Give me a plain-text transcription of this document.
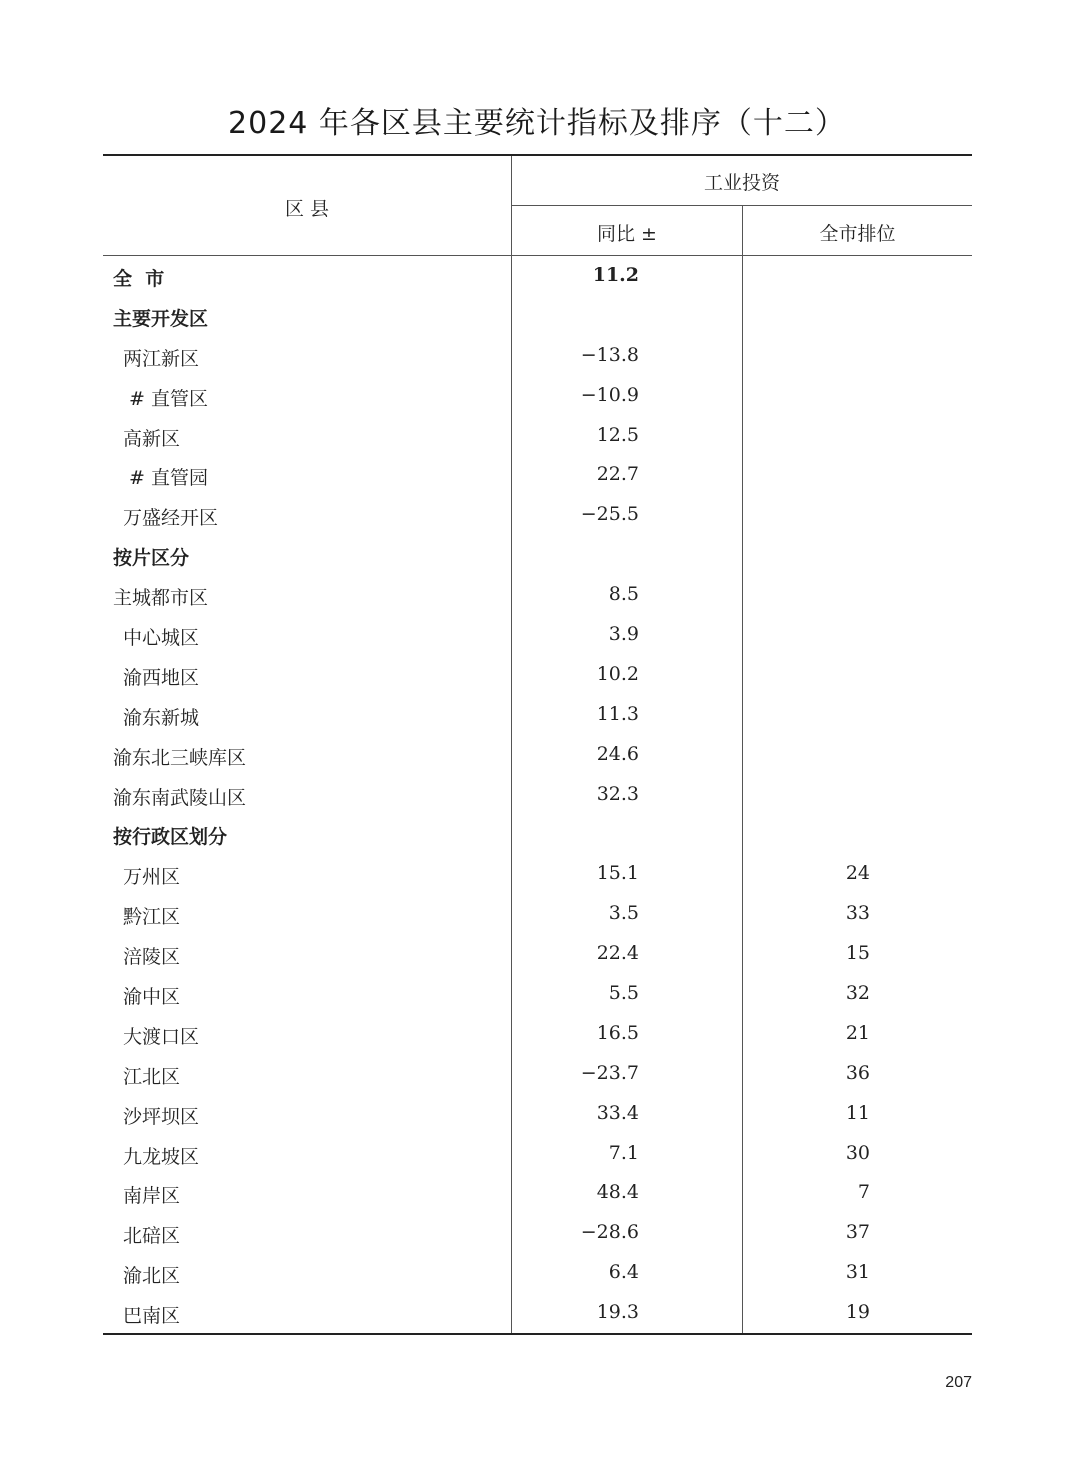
2024 年各区县主要统计指标及排序（十二）
区 县
工业投资
同比 ±	全市排位
全  市	11.2
主要开发区
两江新区	−13.8
# 直管区	−10.9
高新区	12.5
# 直管园	22.7
万盛经开区	−25.5
按片区分
主城都市区	8.5
中心城区	3.9
渝西地区	10.2
渝东新城	11.3
渝东北三峡库区	24.6
渝东南武陵山区	32.3
按行政区划分
万州区	15.1	24
黔江区	3.5	33
涪陵区	22.4	15
渝中区	5.5	32
大渡口区	16.5	21
江北区	−23.7	36
沙坪坝区	33.4	11
九龙坡区	7.1	30
南岸区	48.4	7
北碚区	−28.6	37
渝北区	6.4	31
巴南区	19.3	19
207
